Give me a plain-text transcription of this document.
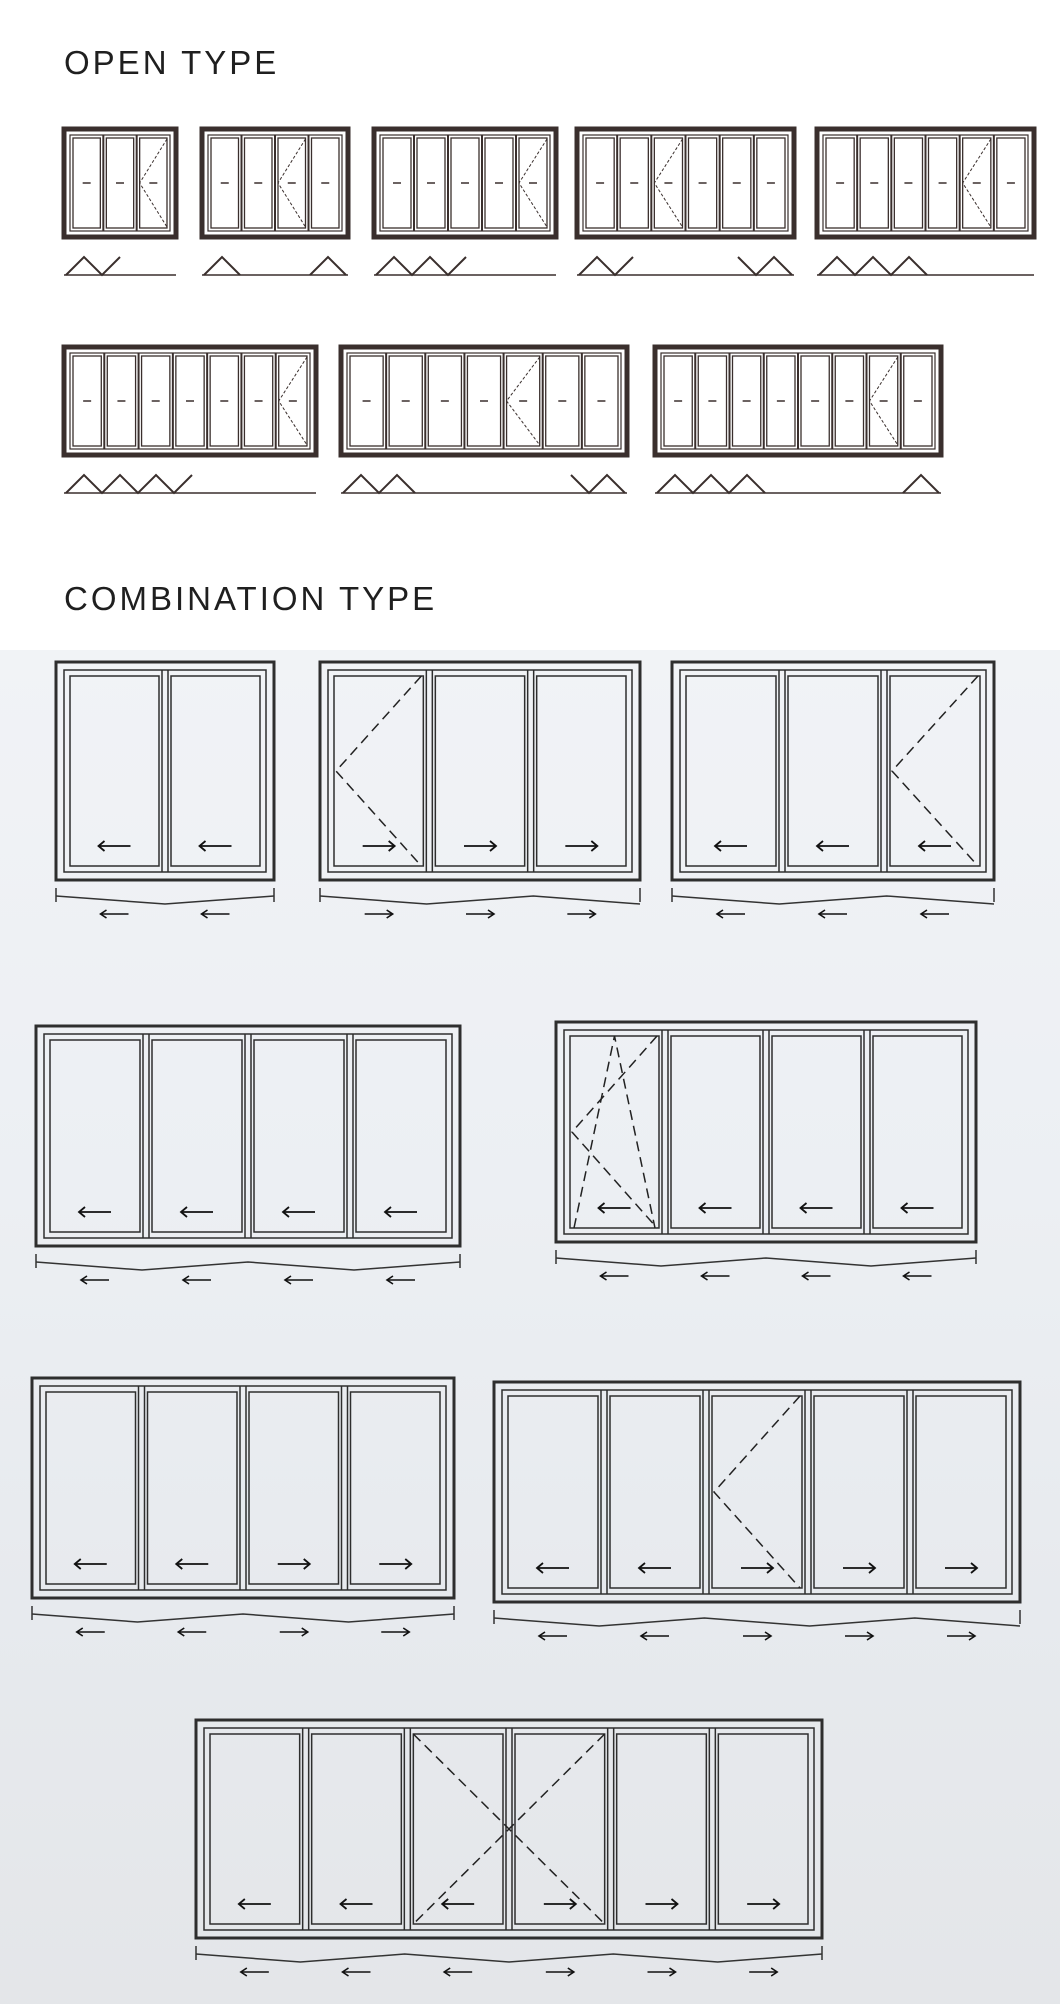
OPEN TYPE
COMBINATION TYPE
